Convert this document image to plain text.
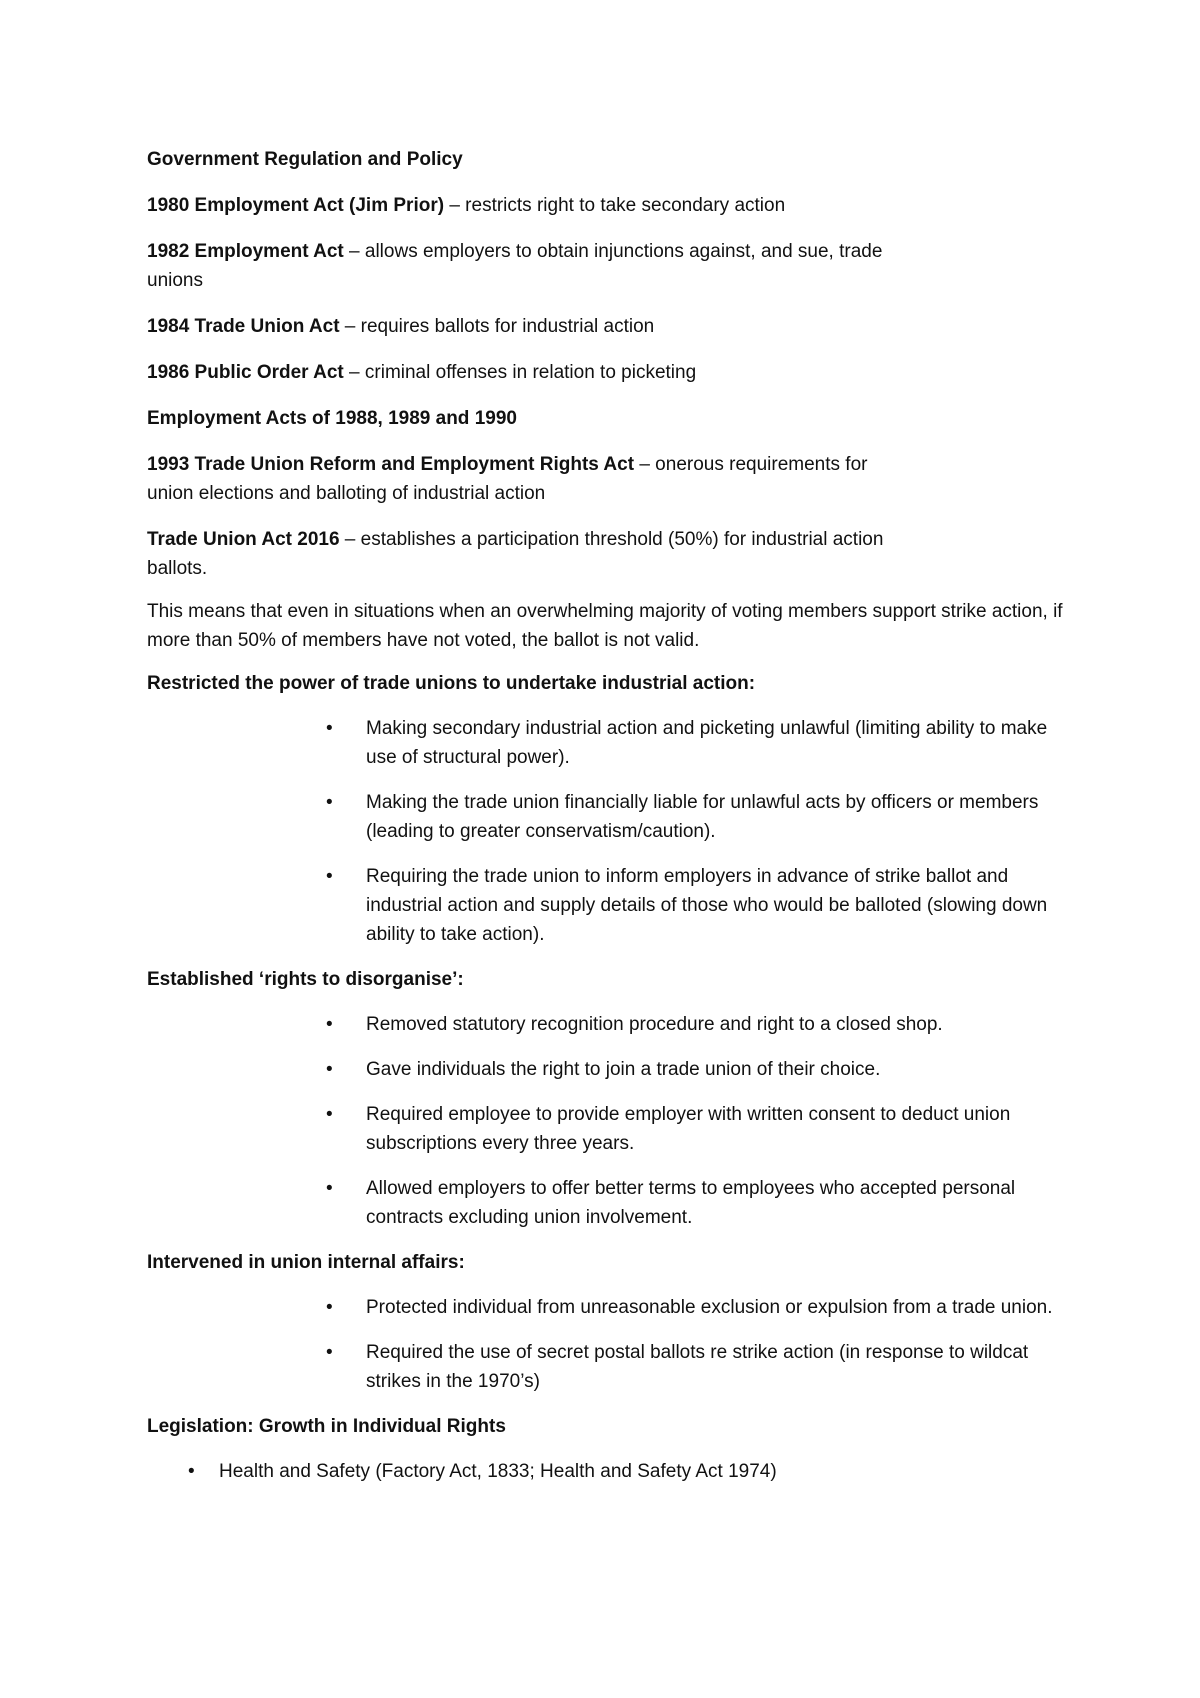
Government Regulation and Policy

1980 Employment Act (Jim Prior) – restricts right to take secondary action

1982 Employment Act – allows employers to obtain injunctions against, and sue, trade unions

1984 Trade Union Act – requires ballots for industrial action

1986 Public Order Act – criminal offenses in relation to picketing

Employment Acts of 1988, 1989 and 1990

1993 Trade Union Reform and Employment Rights Act – onerous requirements for union elections and balloting of industrial action

Trade Union Act 2016 – establishes a participation threshold (50%) for industrial action ballots.

This means that even in situations when an overwhelming majority of voting members support strike action, if more than 50% of members have not voted, the ballot is not valid.

Restricted the power of trade unions to undertake industrial action:

• Making secondary industrial action and picketing unlawful (limiting ability to make use of structural power).
• Making the trade union financially liable for unlawful acts by officers or members (leading to greater conservatism/caution).
• Requiring the trade union to inform employers in advance of strike ballot and industrial action and supply details of those who would be balloted (slowing down ability to take action).

Established ‘rights to disorganise’:

• Removed statutory recognition procedure and right to a closed shop.
• Gave individuals the right to join a trade union of their choice.
• Required employee to provide employer with written consent to deduct union subscriptions every three years.
• Allowed employers to offer better terms to employees who accepted personal contracts excluding union involvement.

Intervened in union internal affairs:

• Protected individual from unreasonable exclusion or expulsion from a trade union.
• Required the use of secret postal ballots re strike action (in response to wildcat strikes in the 1970’s)

Legislation: Growth in Individual Rights

• Health and Safety (Factory Act, 1833; Health and Safety Act 1974)
